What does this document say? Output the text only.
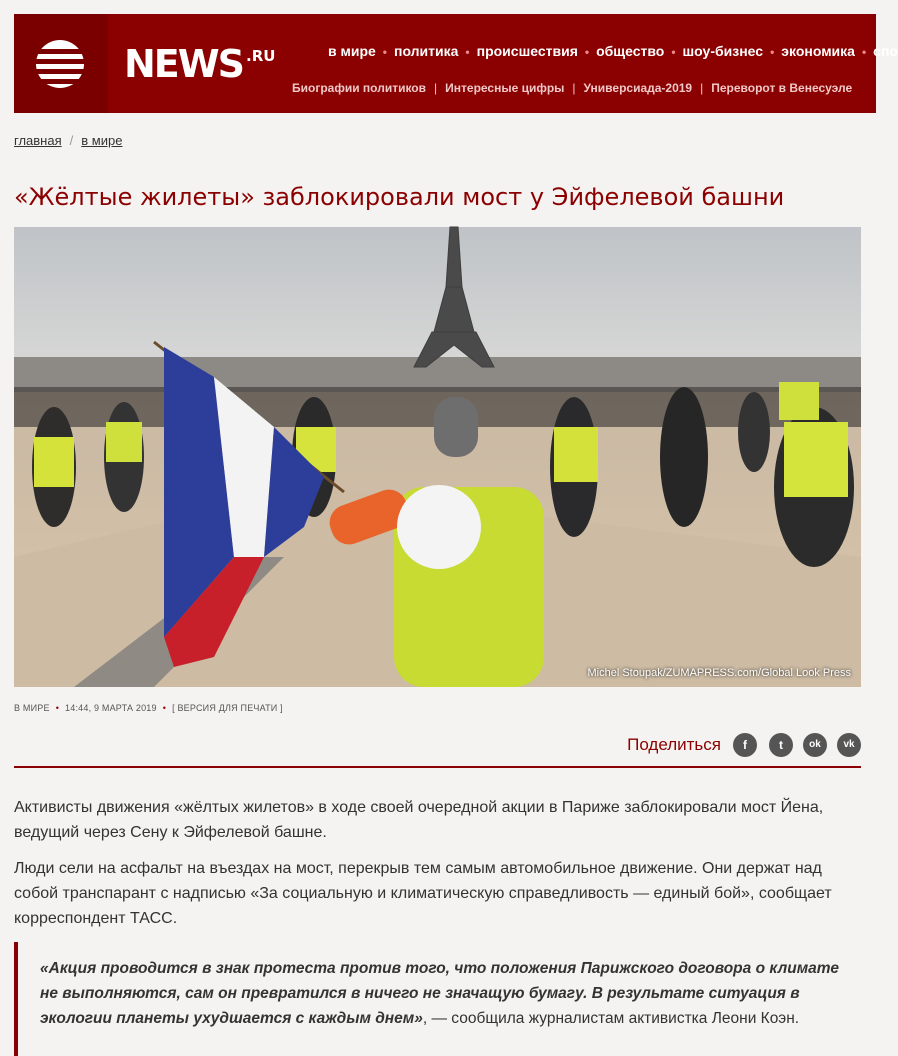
NEWS .RU	в мире • политика • происшествия • общество • шоу-бизнес • экономика • спо
Биографии политиков | Интересные цифры | Универсиада-2019 | Переворот в Венесуэле
главная / в мире
«Жёлтые жилеты» заблокировали мост у Эйфелевой башни
Michel Stoupak/ZUMAPRESS.com/Global Look Press
В МИРЕ • 14:44, 9 МАРТА 2019 • [ ВЕРСИЯ ДЛЯ ПЕЧАТИ ]
Поделиться	f	t	ok	vk

Активисты движения «жёлтых жилетов» в ходе своей очередной акции в Париже заблокировали мост Йена, ведущий через Сену к Эйфелевой башне.

Люди сели на асфальт на въездах на мост, перекрыв тем самым автомобильное движение. Они держат над собой транспарант с надписью «За социальную и климатическую справедливость — единый бой», сообщает корреспондент ТАСС.

«Акция проводится в знак протеста против того, что положения Парижского договора о климате не выполняются, сам он превратился в ничего не значащую бумагу. В результате ситуация в экологии планеты ухудшается с каждым днем», — сообщила журналистам активистка Леони Коэн.
